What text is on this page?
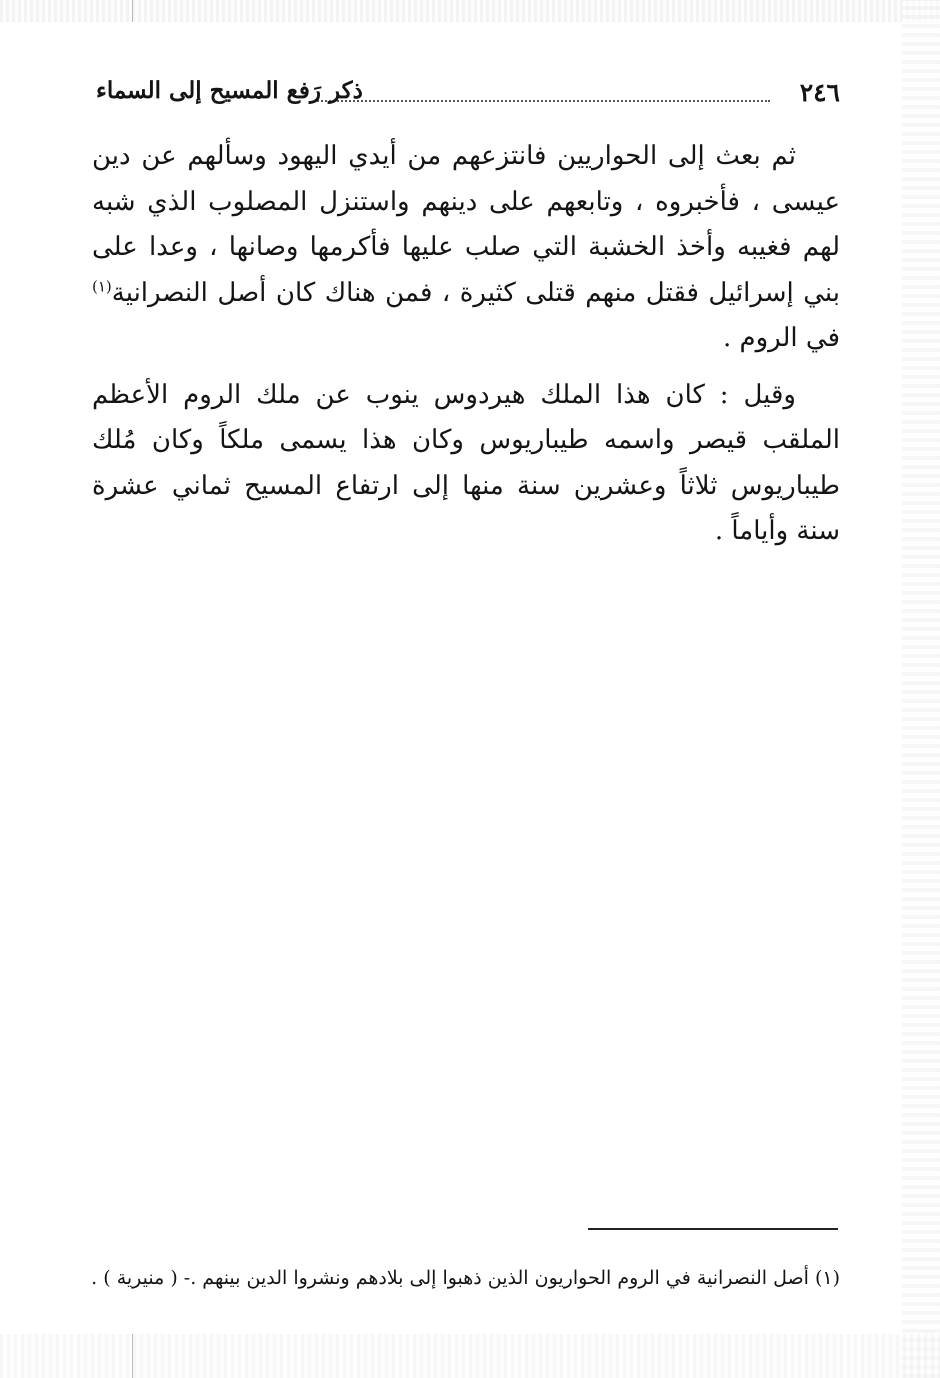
٢٤٦
ذكر رَفع المسيح إلى السماء

ثم بعث إلى الحواريين فانتزعهم من أيدي اليهود وسألهم عن دين عيسى ، فأخبروه ، وتابعهم على دينهم واستنزل المصلوب الذي شبه لهم فغيبه وأخذ الخشبة التي صلب عليها فأكرمها وصانها ، وعدا على بني إسرائيل فقتل منهم قتلى كثيرة ، فمن هناك كان أصل النصرانية$^{(١)}$ في الروم .

وقيل : كان هذا الملك هيردوس ينوب عن ملك الروم الأعظم الملقب قيصر واسمه طيباريوس وكان هذا يسمى ملكاً وكان مُلك طيباريوس ثلاثاً وعشرين سنة منها إلى ارتفاع المسيح ثماني عشرة سنة وأياماً .

(١) أصل النصرانية في الروم الحواريون الذين ذهبوا إلى بلادهم ونشروا الدين بينهم .- ( منيرية ) .
